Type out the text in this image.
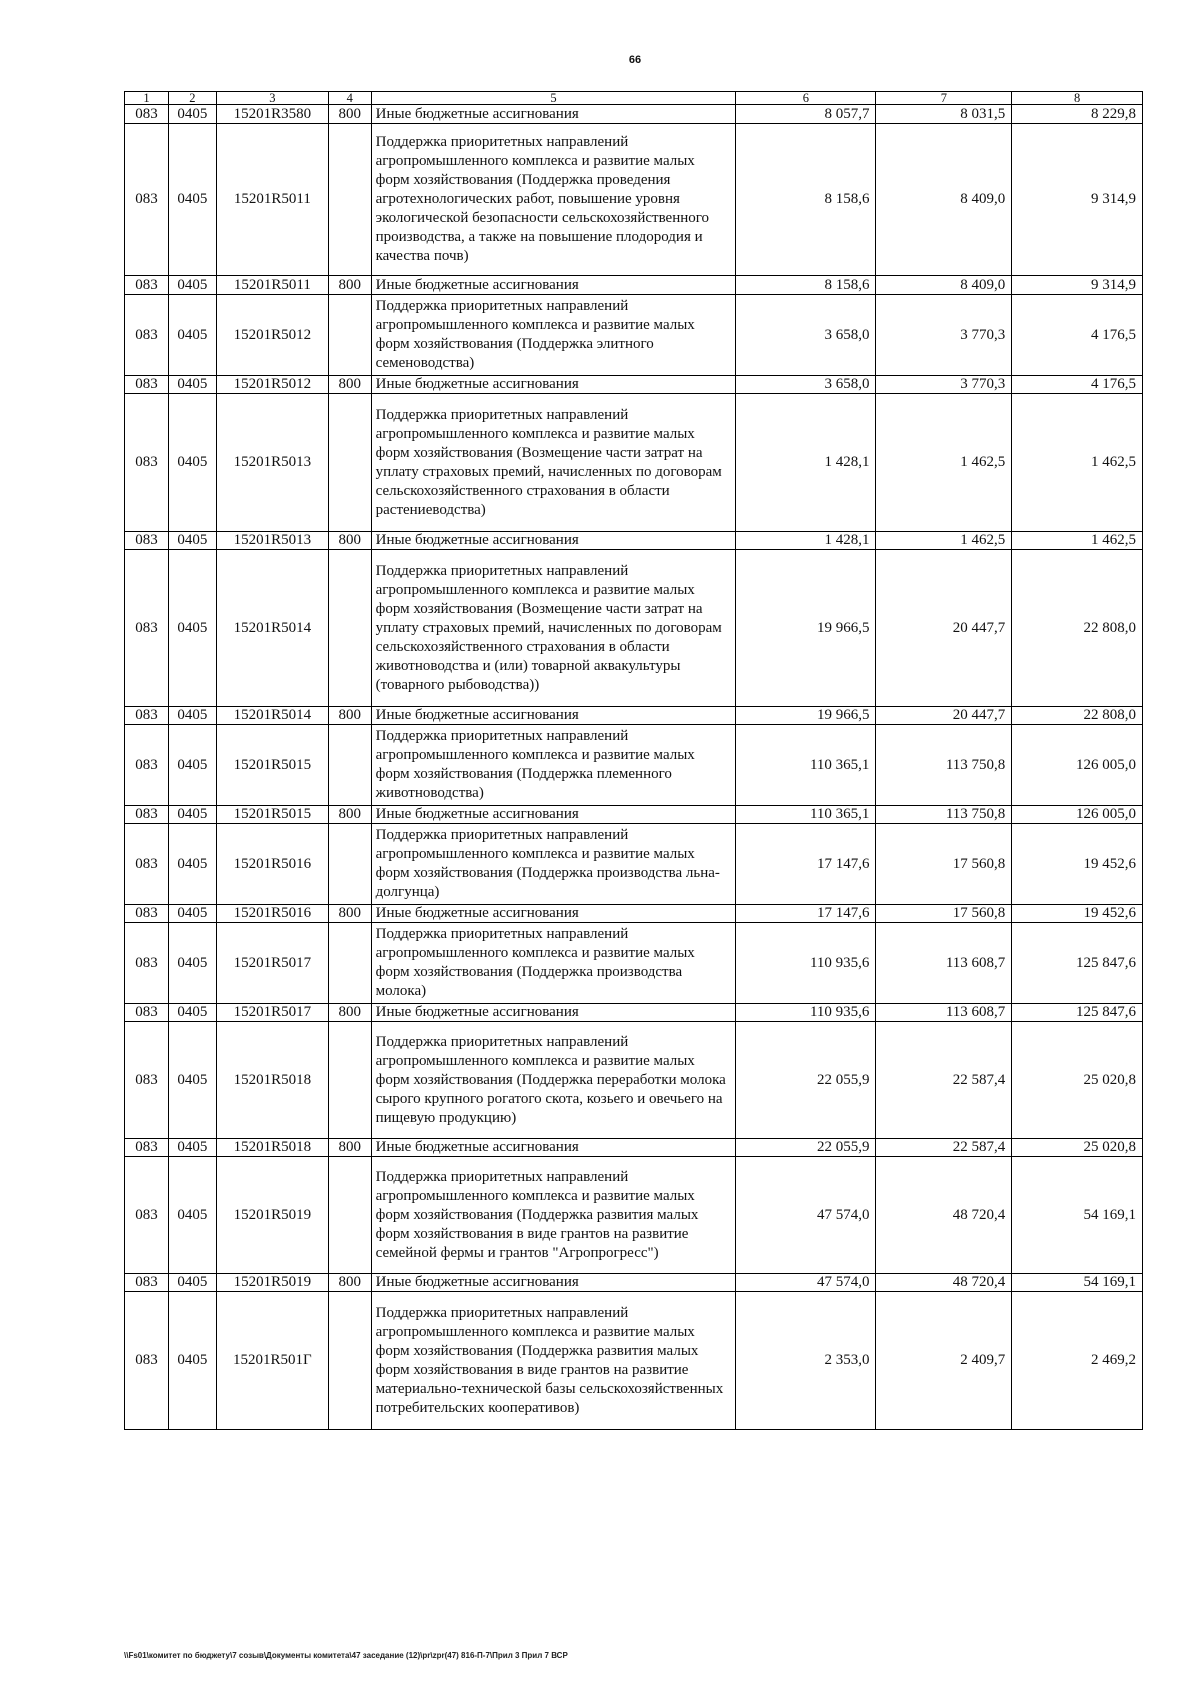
66
1	2	3	4	5	6	7	8
083	0405	15201R3580	800	Иные бюджетные ассигнования	8 057,7	8 031,5	8 229,8
083	0405	15201R5011		Поддержка приоритетных направлений агропромышленного комплекса и развитие малых форм хозяйствования (Поддержка проведения агротехнологических работ, повышение уровня экологической безопасности сельскохозяйственного производства, а также на повышение плодородия и качества почв)	8 158,6	8 409,0	9 314,9
083	0405	15201R5011	800	Иные бюджетные ассигнования	8 158,6	8 409,0	9 314,9
083	0405	15201R5012		Поддержка приоритетных направлений агропромышленного комплекса и развитие малых форм хозяйствования (Поддержка элитного семеноводства)	3 658,0	3 770,3	4 176,5
083	0405	15201R5012	800	Иные бюджетные ассигнования	3 658,0	3 770,3	4 176,5
083	0405	15201R5013		Поддержка приоритетных направлений агропромышленного комплекса и развитие малых форм хозяйствования (Возмещение части затрат на уплату страховых премий, начисленных по договорам сельскохозяйственного страхования в области растениеводства)	1 428,1	1 462,5	1 462,5
083	0405	15201R5013	800	Иные бюджетные ассигнования	1 428,1	1 462,5	1 462,5
083	0405	15201R5014		Поддержка приоритетных направлений агропромышленного комплекса и развитие малых форм хозяйствования (Возмещение части затрат на уплату страховых премий, начисленных по договорам сельскохозяйственного страхования в области животноводства и (или) товарной аквакультуры (товарного рыбоводства))	19 966,5	20 447,7	22 808,0
083	0405	15201R5014	800	Иные бюджетные ассигнования	19 966,5	20 447,7	22 808,0
083	0405	15201R5015		Поддержка приоритетных направлений агропромышленного комплекса и развитие малых форм хозяйствования (Поддержка племенного животноводства)	110 365,1	113 750,8	126 005,0
083	0405	15201R5015	800	Иные бюджетные ассигнования	110 365,1	113 750,8	126 005,0
083	0405	15201R5016		Поддержка приоритетных направлений агропромышленного комплекса и развитие малых форм хозяйствования (Поддержка производства льна-долгунца)	17 147,6	17 560,8	19 452,6
083	0405	15201R5016	800	Иные бюджетные ассигнования	17 147,6	17 560,8	19 452,6
083	0405	15201R5017		Поддержка приоритетных направлений агропромышленного комплекса и развитие малых форм хозяйствования (Поддержка производства молока)	110 935,6	113 608,7	125 847,6
083	0405	15201R5017	800	Иные бюджетные ассигнования	110 935,6	113 608,7	125 847,6
083	0405	15201R5018		Поддержка приоритетных направлений агропромышленного комплекса и развитие малых форм хозяйствования (Поддержка переработки молока сырого крупного рогатого скота, козьего и овечьего на пищевую продукцию)	22 055,9	22 587,4	25 020,8
083	0405	15201R5018	800	Иные бюджетные ассигнования	22 055,9	22 587,4	25 020,8
083	0405	15201R5019		Поддержка приоритетных направлений агропромышленного комплекса и развитие малых форм хозяйствования (Поддержка развития малых форм хозяйствования в виде грантов на развитие семейной фермы и грантов "Агропрогресс")	47 574,0	48 720,4	54 169,1
083	0405	15201R5019	800	Иные бюджетные ассигнования	47 574,0	48 720,4	54 169,1
083	0405	15201R501Г		Поддержка приоритетных направлений агропромышленного комплекса и развитие малых форм хозяйствования (Поддержка развития малых форм хозяйствования в виде грантов на развитие материально-технической базы сельскохозяйственных потребительских кооперативов)	2 353,0	2 409,7	2 469,2
\\Fs01\комитет по бюджету\7 созыв\Документы комитета\47 заседание (12)\pr\zpr(47) 816-П-7\Прил 3 Прил 7 ВСР
